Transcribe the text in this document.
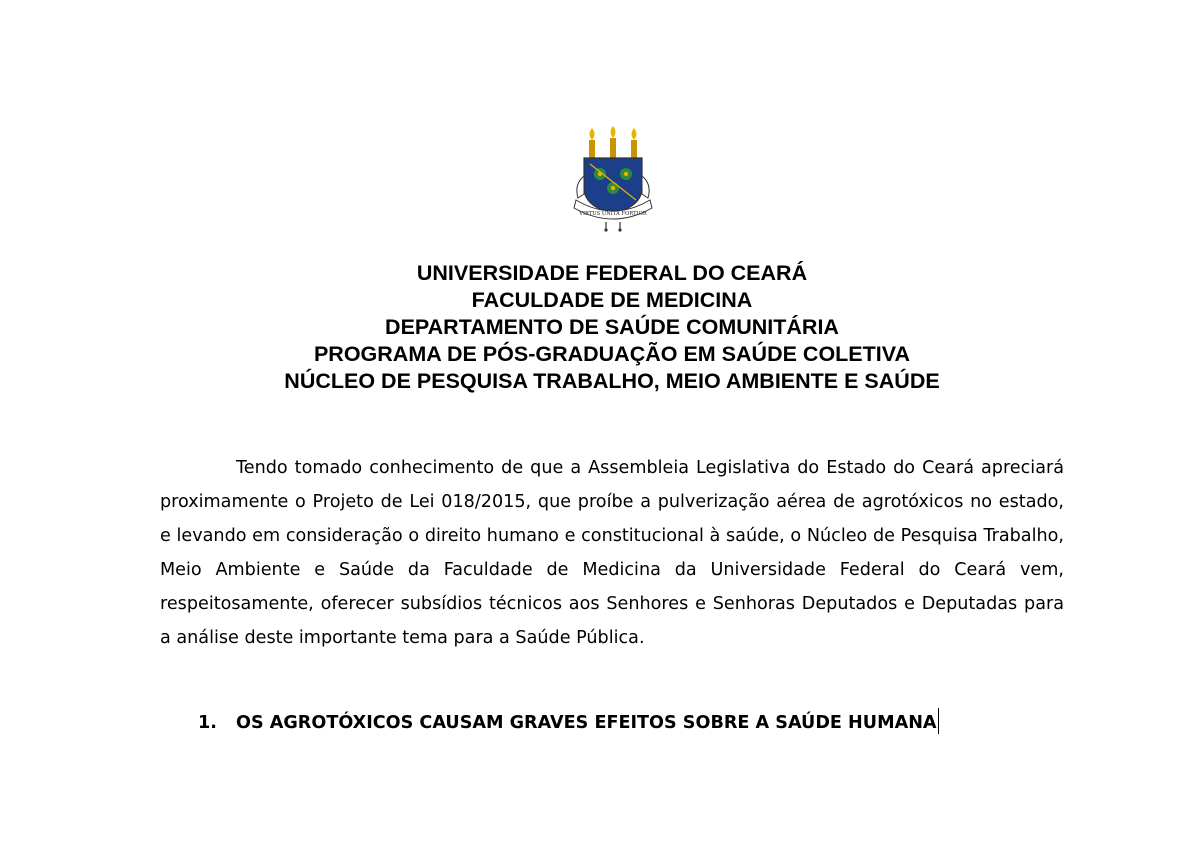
VIRTUS UNITA FORTIOR
UNIVERSIDADE FEDERAL DO CEARÁ
FACULDADE DE MEDICINA
DEPARTAMENTO DE SAÚDE COMUNITÁRIA
PROGRAMA DE PÓS-GRADUAÇÃO EM SAÚDE COLETIVA
NÚCLEO DE PESQUISA TRABALHO, MEIO AMBIENTE E SAÚDE

Tendo tomado conhecimento de que a Assembleia Legislativa do Estado do Ceará apreciará proximamente o Projeto de Lei 018/2015, que proíbe a pulverização aérea de agrotóxicos no estado, e levando em consideração o direito humano e constitucional à saúde, o Núcleo de Pesquisa Trabalho, Meio Ambiente e Saúde da Faculdade de Medicina da Universidade Federal do Ceará vem, respeitosamente, oferecer subsídios técnicos aos Senhores e Senhoras Deputados e Deputadas para a análise deste importante tema para a Saúde Pública.

1. OS AGROTÓXICOS CAUSAM GRAVES EFEITOS SOBRE A SAÚDE HUMANA
